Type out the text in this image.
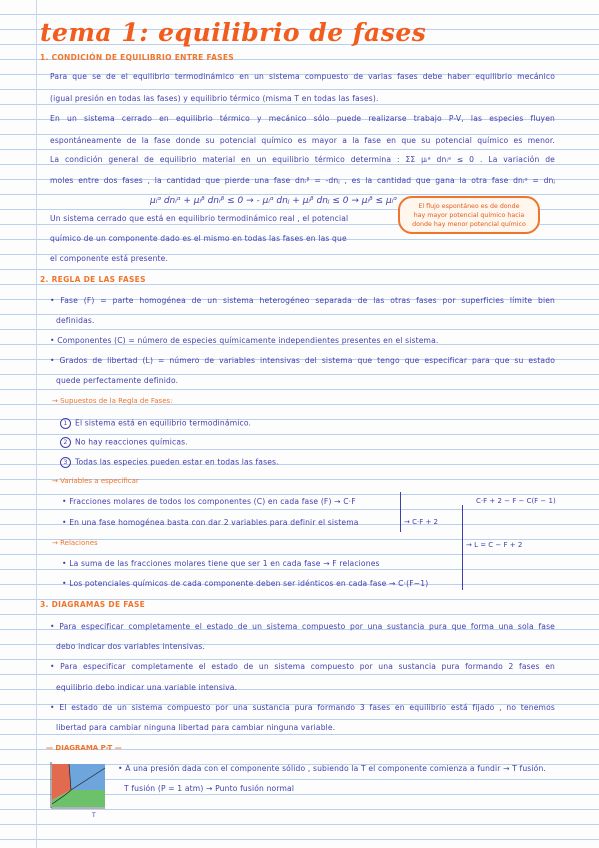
tema 1: equilibrio de fases
1. CONDICIÓN DE EQUILIBRIO ENTRE FASES
Para que se de el equilibrio termodinámico en un sistema compuesto de varias fases debe haber equilibrio mecánico
(igual presión en todas las fases) y equilibrio térmico (misma T en todas las fases).
En un sistema cerrado en equilibrio térmico y mecánico sólo puede realizarse trabajo P-V, las especies fluyen
espontáneamente de la fase donde su potencial químico es mayor a la fase en que su potencial químico es menor.
La condición general de equilibrio material en un equilibrio térmico determina : ΣΣ μᵢᵃ dnᵢᵃ ≤ 0 . La variación de
moles entre dos fases , la cantidad que pierde una fase dnᵢᵝ = -dnⱼ , es la cantidad que gana la otra fase dnᵢᵅ = dnⱼ
μᵢᵅ dnᵢᵅ + μᵢᵝ dnᵢᵝ ≤ 0 → - μᵢᵅ dnⱼ + μᵢᵝ dnⱼ ≤ 0 → μᵢᵝ ≤ μᵢᵅ
Un sistema cerrado que está en equilibrio termodinámico real , el potencial
químico de un componente dado es el mismo en todas las fases en las que
el componente está presente.
El flujo espontáneo es de donde
hay mayor potencial químico hacia
donde hay menor potencial químico
2. REGLA DE LAS FASES
• Fase (F) = parte homogénea de un sistema heterogéneo separada de las otras fases por superficies límite bien
definidas.
• Componentes (C) = número de especies químicamente independientes presentes en el sistema.
• Grados de libertad (L) = número de variables intensivas del sistema que tengo que especificar para que su estado
quede perfectamente definido.
→ Supuestos de la Regla de Fases:
1 El sistema está en equilibrio termodinámico.
2 No hay reacciones químicas.
3 Todas las especies pueden estar en todas las fases.
→ Variables a especificar
• Fracciones molares de todos los componentes (C) en cada fase (F) → C·F
• En una fase homogénea basta con dar 2 variables para definir el sistema	→ C·F + 2
C·F + 2 − F − C(F − 1)
→ Relaciones
• La suma de las fracciones molares tiene que ser 1 en cada fase → F relaciones
• Los potenciales químicos de cada componente deben ser idénticos en cada fase → C·(F−1)
→ L = C − F + 2
3. DIAGRAMAS DE FASE
• Para especificar completamente el estado de un sistema compuesto por una sustancia pura que forma una sola fase
debo indicar dos variables intensivas.
• Para especificar completamente el estado de un sistema compuesto por una sustancia pura formando 2 fases en
equilibrio debo indicar una variable intensiva.
• El estado de un sistema compuesto por una sustancia pura formando 3 fases en equilibrio está fijado , no tenemos
libertad para cambiar ninguna libertad para cambiar ninguna variable.
— DIAGRAMA P-T —
T
• A una presión dada con el componente sólido , subiendo la T el componente comienza a fundir → T fusión.
T fusión (P = 1 atm) → Punto fusión normal
